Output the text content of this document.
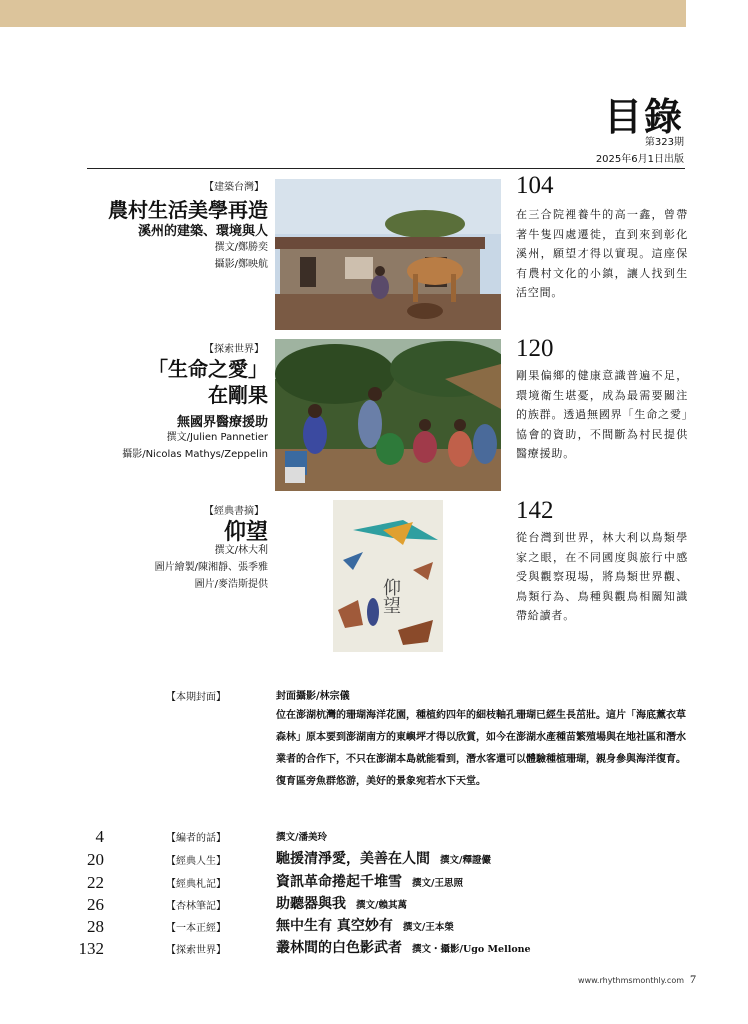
目錄
第323期
2025年6月1日出版
【建築台灣】
農村生活美學再造
溪州的建築、環境與人
撰文/鄭勝奕
攝影/鄭映航
104
在三合院裡養牛的高一鑫，曾帶著牛隻四處遷徙，直到來到彰化溪州，願望才得以實現。這座保有農村文化的小鎮，讓人找到生活空間。
【探索世界】
「生命之愛」
在剛果
無國界醫療援助
撰文/Julien Pannetier
攝影/Nicolas Mathys/Zeppelin
120
剛果偏鄉的健康意識普遍不足，環境衛生堪憂，成為最需要關注的族群。透過無國界「生命之愛」協會的資助，不間斷為村民提供醫療援助。
【經典書摘】
仰望
撰文/林大利
圖片繪製/陳湘靜、張季雅
圖片/麥浩斯提供	仰望
142
從台灣到世界，林大利以鳥類學家之眼，在不同國度與旅行中感受與觀察現場，將鳥類世界觀、鳥類行為、鳥種與觀鳥相關知識帶給讀者。
【本期封面】	封面攝影/林宗儀
位在澎湖杭灣的珊瑚海洋花園，種植約四年的細枝軸孔珊瑚已經生長茁壯。這片「海底薰衣草森林」原本要到澎湖南方的東嶼坪才得以欣賞，如今在澎湖水產種苗繁殖場與在地社區和潛水業者的合作下，不只在澎湖本島就能看到，潛水客還可以體驗種植珊瑚，親身參與海洋復育。復育區旁魚群悠游，美好的景象宛若水下天堂。
4	【編者的話】	撰文/潘美玲
20	【經典人生】	馳援清淨愛，美善在人間 撰文/釋證儼
22	【經典札記】	資訊革命捲起千堆雪 撰文/王思照
26	【杏林筆記】	助聽器與我 撰文/賴其萬
28	【一本正經】	無中生有 真空妙有 撰文/王本榮
132	【探索世界】	叢林間的白色影武者 撰文・攝影/Ugo Mellone
www.rhythmsmonthly.com 7
